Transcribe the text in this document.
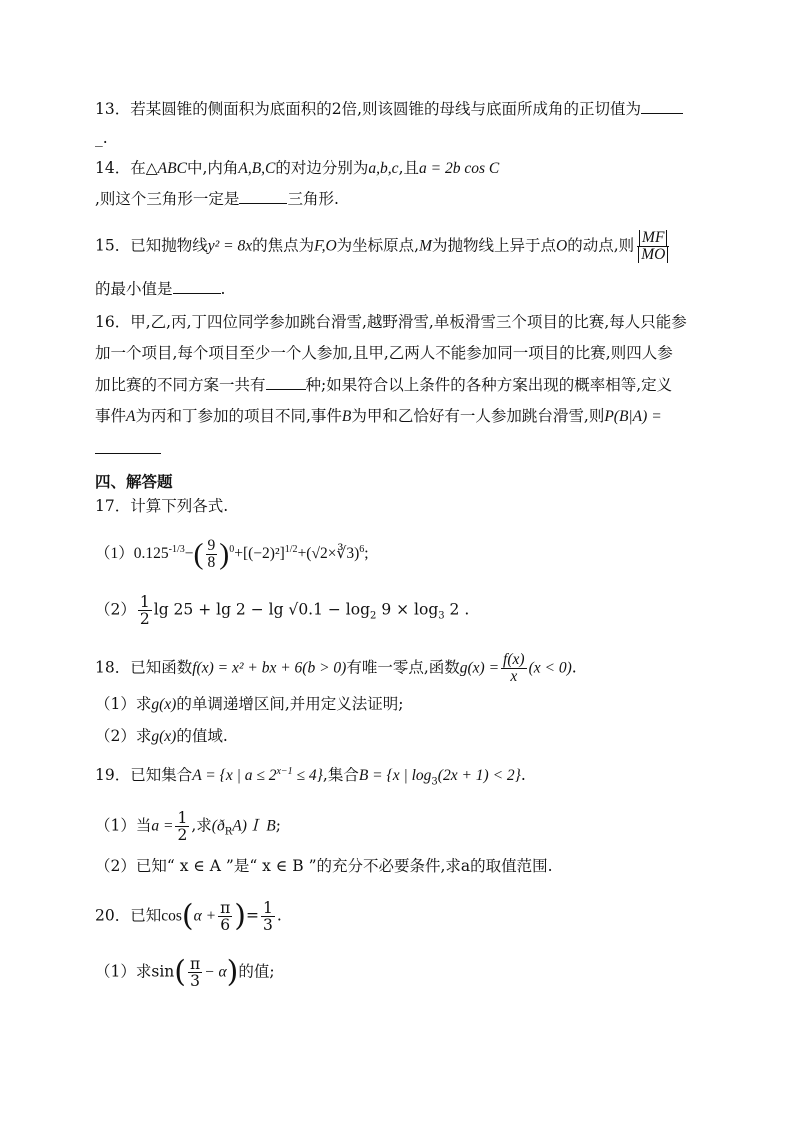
13．若某圆锥的侧面积为底面积的2倍,则该圆锥的母线与底面所成角的正切值为
_.
14．在△ABC中,内角A,B,C的对边分别为a,b,c,且a = 2b cos C
,则这个三角形一定是	三角形.
15．已知抛物线y² = 8x的焦点为F,O为坐标原点,M为抛物线上异于点O的动点,则 $\frac{MF}{MO}$
的最小值是	.
16．甲,乙,丙,丁四位同学参加跳台滑雪,越野滑雪,单板滑雪三个项目的比赛,每人只能参
加一个项目,每个项目至少一个人参加,且甲,乙两人不能参加同一项目的比赛,则四人参
加比赛的不同方案一共有	种;如果符合以上条件的各种方案出现的概率相等,定义
事件A为丙和丁参加的项目不同,事件B为甲和乙恰好有一人参加跳台滑雪,则P(B|A) =
四、解答题
17．计算下列各式.
$(1)0.125^{-1/3}-( \frac{9}{8}$ )$^0+[(-2)^2]^{1/2}+(√2\times∛3)^6$;
$(2) \frac{1}{2}$ $\lg 25 + \lg 2 - \lg √0.1 - \log_2 9 \times \log_3 2$ .
18．已知函数f(x) = x² + bx + 6(b > 0)有唯一零点,函数$g(x) = \frac{f(x)}{x} (x < 0)$.
（1）求g(x)的单调递增区间,并用定义法证明;
（2）求g(x)的值域.
19．已知集合A = {x | $a \le 2^{x-1} \le 4$},集合B = {x | $\log_3(2x + 1) < 2$}.
（1）当$a = \frac{1}{2}$ ,求$(ð_RA)I$ B;
（2）已知“ x ∈ A ”是“ x ∈ B ”的充分不必要条件,求a的取值范围.
20．已知$\cos(\alpha + \frac{\pi}{6}$ )= $\frac{1}{3}$ .
（1）求$\sin( \frac{\pi}{3} - \alpha)$的值;
